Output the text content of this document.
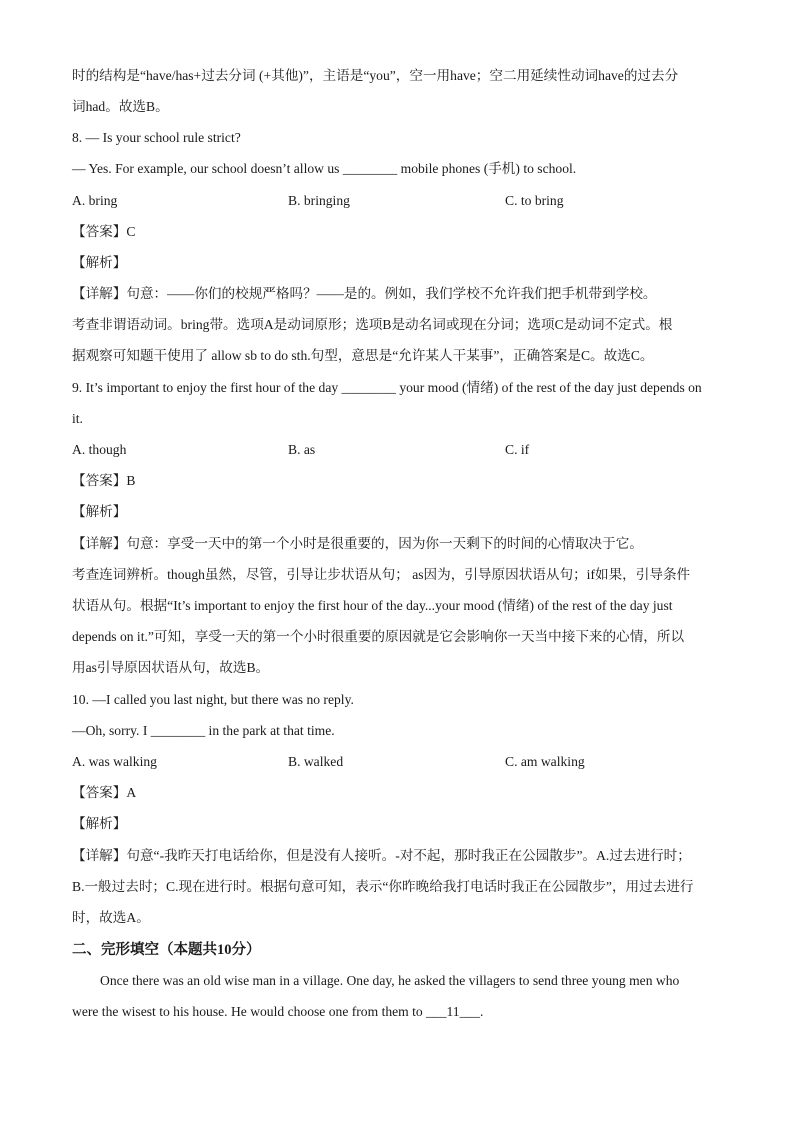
时的结构是“have/has+过去分词 (+其他)”，主语是“you”，空一用have；空二用延续性动词have的过去分
词had。故选B。
8. — Is your school rule strict?
— Yes. For example, our school doesn’t allow us ________ mobile phones (手机) to school.
A. bring	B. bringing	C. to bring
【答案】C
【解析】
【详解】句意：——你们的校规严格吗？——是的。例如，我们学校不允许我们把手机带到学校。
考查非谓语动词。bring带。选项A是动词原形；选项B是动名词或现在分词；选项C是动词不定式。根
据观察可知题干使用了 allow sb to do sth.句型，意思是“允许某人干某事”，正确答案是C。故选C。
9. It’s important to enjoy the first hour of the day ________ your mood (情绪) of the rest of the day just depends on
it.
A. though	B. as	C. if
【答案】B
【解析】
【详解】句意：享受一天中的第一个小时是很重要的，因为你一天剩下的时间的心情取决于它。
考查连词辨析。though虽然，尽管，引导让步状语从句； as因为，引导原因状语从句；if如果，引导条件
状语从句。根据“It’s important to enjoy the first hour of the day...your mood (情绪) of the rest of the day just
depends on it.”可知，享受一天的第一个小时很重要的原因就是它会影响你一天当中接下来的心情，所以
用as引导原因状语从句，故选B。
10. —I called you last night, but there was no reply.
—Oh, sorry. I ________ in the park at that time.
A. was walking	B. walked	C. am walking
【答案】A
【解析】
【详解】句意“-我昨天打电话给你，但是没有人接听。-对不起，那时我正在公园散步”。A.过去进行时；
B.一般过去时；C.现在进行时。根据句意可知，表示“你昨晚给我打电话时我正在公园散步”，用过去进行
时，故选A。
二、完形填空（本题共10分）
Once there was an old wise man in a village. One day, he asked the villagers to send three young men who
were the wisest to his house. He would choose one from them to ___11___.
